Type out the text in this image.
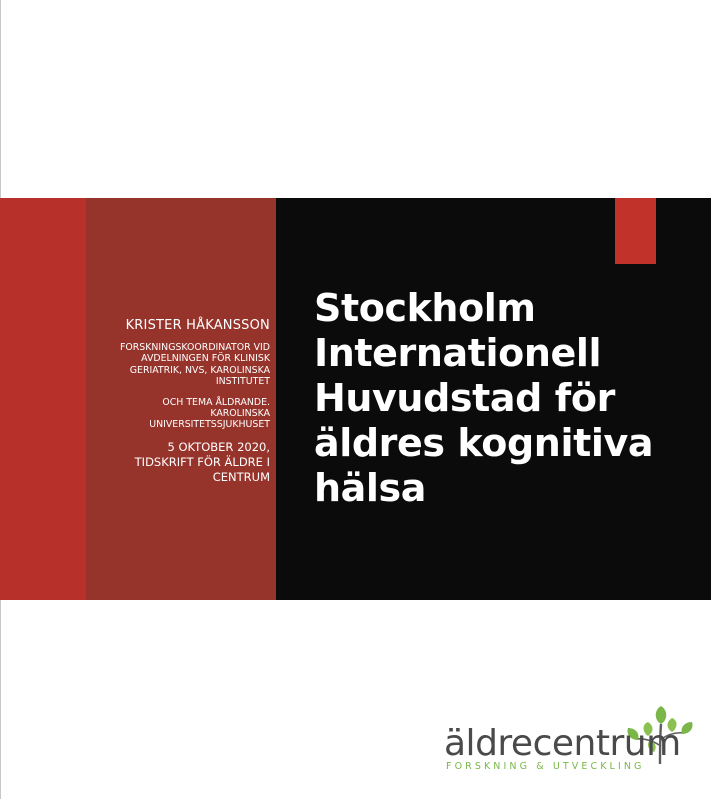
KRISTER HÅKANSSON

FORSKNINGSKOORDINATOR VID
AVDELNINGEN FÖR KLINISK
GERIATRIK, NVS, KAROLINSKA
INSTITUTET

OCH TEMA ÅLDRANDE.
KAROLINSKA
UNIVERSITETSSJUKHUSET

5 OKTOBER 2020,
TIDSKRIFT FÖR ÄLDRE I
CENTRUM

Stockholm
Internationell
Huvudstad för
äldres kognitiva
hälsa
äldrecentrum
FORSKNING & UTVECKLING
